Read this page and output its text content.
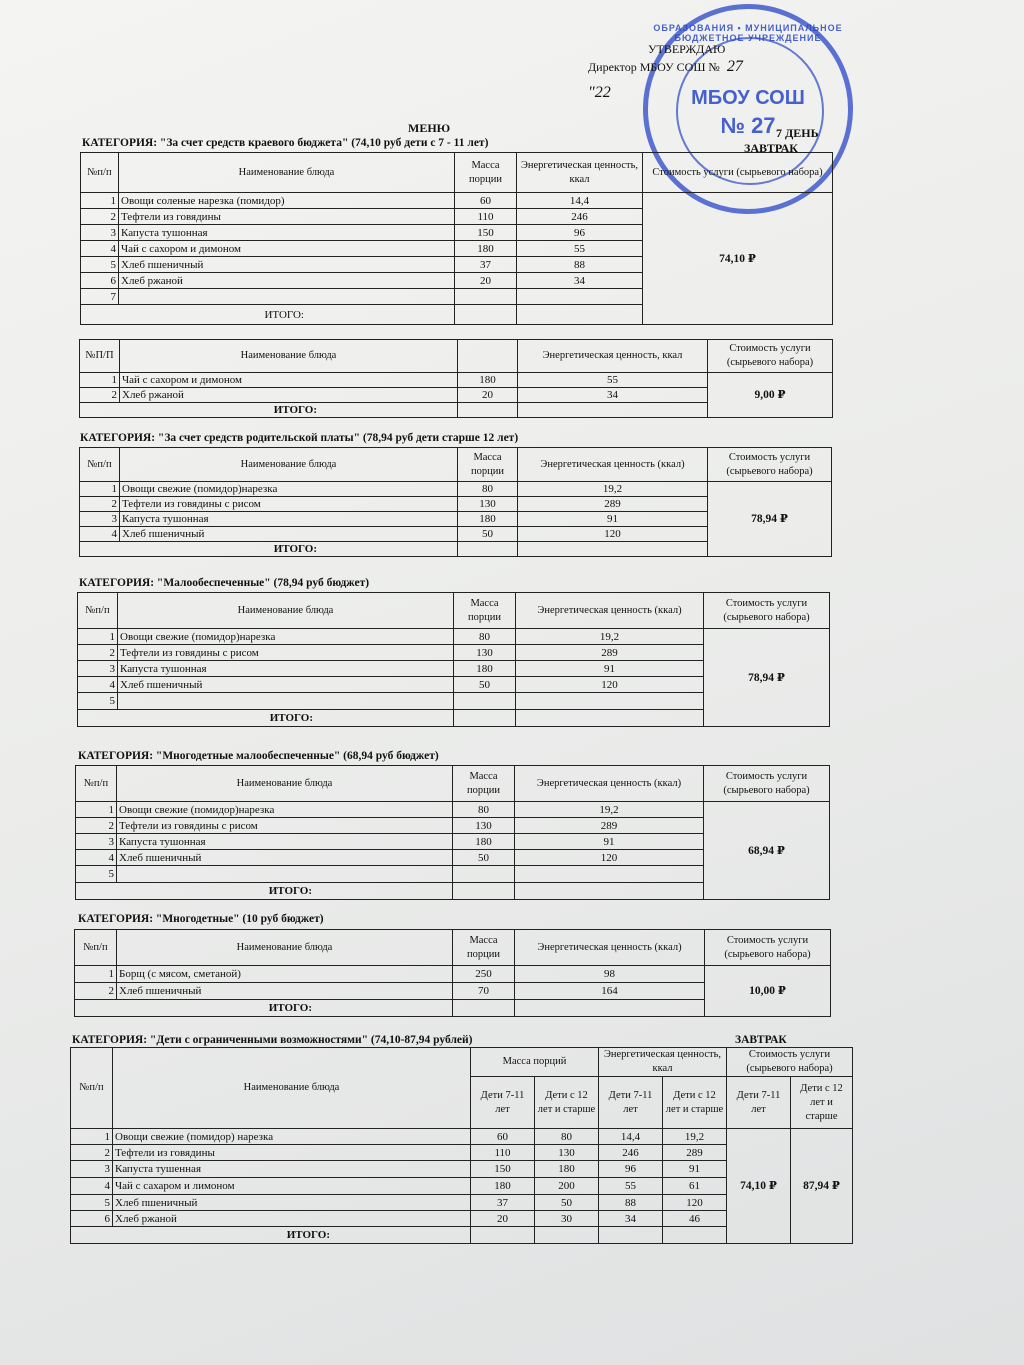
ОБРАЗОВАНИЯ • МУНИЦИПАЛЬНОЕ БЮДЖЕТНОЕ УЧРЕЖДЕНИЕ
МБОУ СОШ
№ 27
УТВЕРЖДАЮ
Директор МБОУ СОШ № 27
"22
МЕНЮ	7 ДЕНЬ
ЗАВТРАК
КАТЕГОРИЯ: "За счет средств краевого бюджета" (74,10 руб дети с 7 - 11 лет)
№п/п	Наименование блюда	Масса порции	Энергетическая ценность, ккал	Стоимость услуги (сырьевого набора)
1	Овощи соленые нарезка (помидор)	60	14,4	74,10 ₽
2	Тефтели из говядины	110	246	
3	Капуста тушонная	150	96	
4	Чай с сахором и димоном	180	55	
5	Хлеб пшеничный	37	88	
6	Хлеб ржаной	20	34	
7				
ИТОГО:				
№П/П	Наименование блюда		Энергетическая ценность, ккал	Стоимость услуги (сырьевого набора)
1	Чай с сахором и димоном	180	55	9,00 ₽
2	Хлеб ржаной	20	34	
ИТОГО:				
КАТЕГОРИЯ: "За счет средств родительской платы" (78,94 руб дети старше 12 лет)
№п/п	Наименование блюда	Масса порции	Энергетическая ценность (ккал)	Стоимость услуги (сырьевого набора)
1	Овощи свежие (помидор)нарезка	80	19,2	78,94 ₽
2	Тефтели из говядины с рисом	130	289	
3	Капуста тушонная	180	91	
4	Хлеб пшеничный	50	120	
ИТОГО:				
КАТЕГОРИЯ: "Малообеспеченные" (78,94 руб бюджет)
№п/п	Наименование блюда	Масса порции	Энергетическая ценность (ккал)	Стоимость услуги (сырьевого набора)
1	Овощи свежие (помидор)нарезка	80	19,2	78,94 ₽
2	Тефтели из говядины с рисом	130	289	
3	Капуста тушонная	180	91	
4	Хлеб пшеничный	50	120	
5				
ИТОГО:				
КАТЕГОРИЯ: "Многодетные малообеспеченные" (68,94 руб бюджет)
№п/п	Наименование блюда	Масса порции	Энергетическая ценность (ккал)	Стоимость услуги (сырьевого набора)
1	Овощи свежие (помидор)нарезка	80	19,2	68,94 ₽
2	Тефтели из говядины с рисом	130	289	
3	Капуста тушонная	180	91	
4	Хлеб пшеничный	50	120	
5				
ИТОГО:				
КАТЕГОРИЯ: "Многодетные" (10 руб бюджет)
№п/п	Наименование блюда	Масса порции	Энергетическая ценность (ккал)	Стоимость услуги (сырьевого набора)
1	Борщ (с мясом, сметаной)	250	98	10,00 ₽
2	Хлеб пшеничный	70	164	
ИТОГО:				
КАТЕГОРИЯ: "Дети с ограниченными возможностями" (74,10-87,94 рублей)	ЗАВТРАК
№п/п	Наименование блюда	Масса порций		Энергетическая ценность, ккал		Стоимость услуги (сырьевого набора)	
		Дети 7-11 лет	Дети с 12 лет и старше	Дети 7-11 лет	Дети с 12 лет и старше	Дети 7-11 лет	Дети с 12 лет и старше
1	Овощи свежие (помидор) нарезка	60	80	14,4	19,2	74,10 ₽	87,94 ₽
2	Тефтели из говядины	110	130	246	289		
3	Капуста тушенная	150	180	96	91		
4	Чай с сахаром и лимоном	180	200	55	61		
5	Хлеб пшеничный	37	50	88	120		
6	Хлеб ржаной	20	30	34	46		
ИТОГО:							
